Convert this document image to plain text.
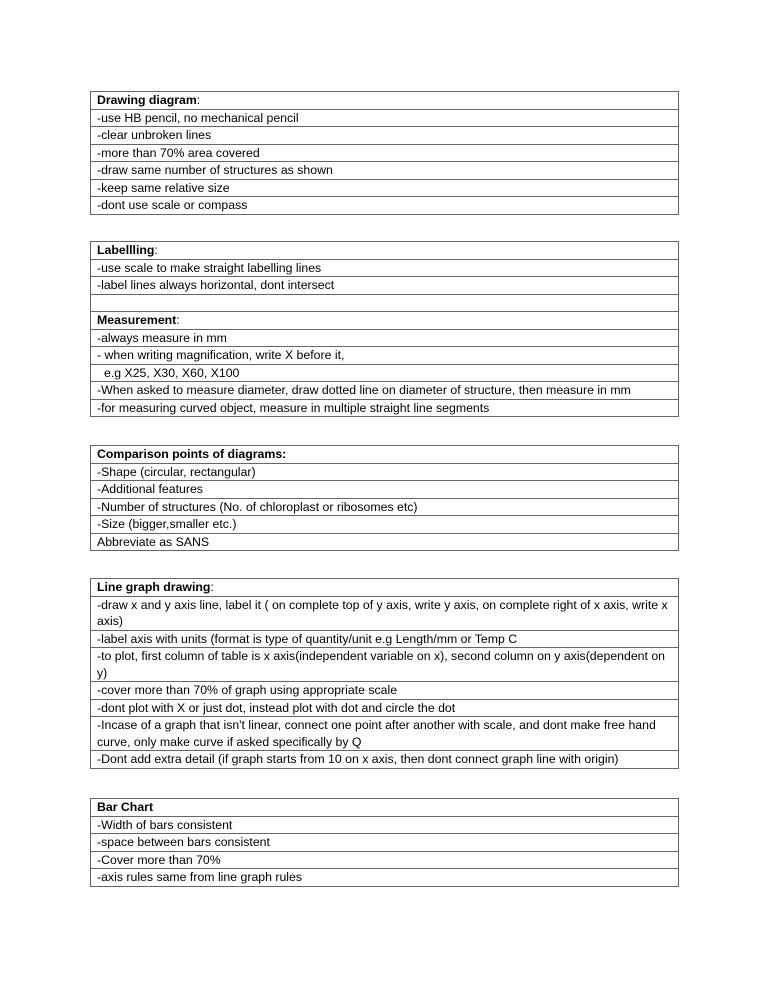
Drawing diagram:
-use HB pencil, no mechanical pencil
-clear unbroken lines
-more than 70% area covered
-draw same number of structures as shown
-keep same relative size
-dont use scale or compass
Labellling:
-use scale to make straight labelling lines
-label lines always horizontal, dont intersect

Measurement:
-always measure in mm
- when writing magnification, write X before it,
e.g X25, X30, X60, X100
-When asked to measure diameter, draw dotted line on diameter of structure, then measure in mm
-for measuring curved object, measure in multiple straight line segments
Comparison points of diagrams:
-Shape (circular, rectangular)
-Additional features
-Number of structures (No. of chloroplast or ribosomes etc)
-Size (bigger,smaller etc.)
Abbreviate as SANS
Line graph drawing:
-draw x and y axis line, label it ( on complete top of y axis, write y axis, on complete right of x axis, write x axis)
-label axis with units (format is type of quantity/unit e.g Length/mm or Temp C
-to plot, first column of table is x axis(independent variable on x), second column on y axis(dependent on y)
-cover more than 70% of graph using appropriate scale
-dont plot with X or just dot, instead plot with dot and circle the dot
-Incase of a graph that isn't linear, connect one point after another with scale, and dont make free hand curve, only make curve if asked specifically by Q
-Dont add extra detail (if graph starts from 10 on x axis, then dont connect graph line with origin)
Bar Chart
-Width of bars consistent
-space between bars consistent
-Cover more than 70%
-axis rules same from line graph rules
